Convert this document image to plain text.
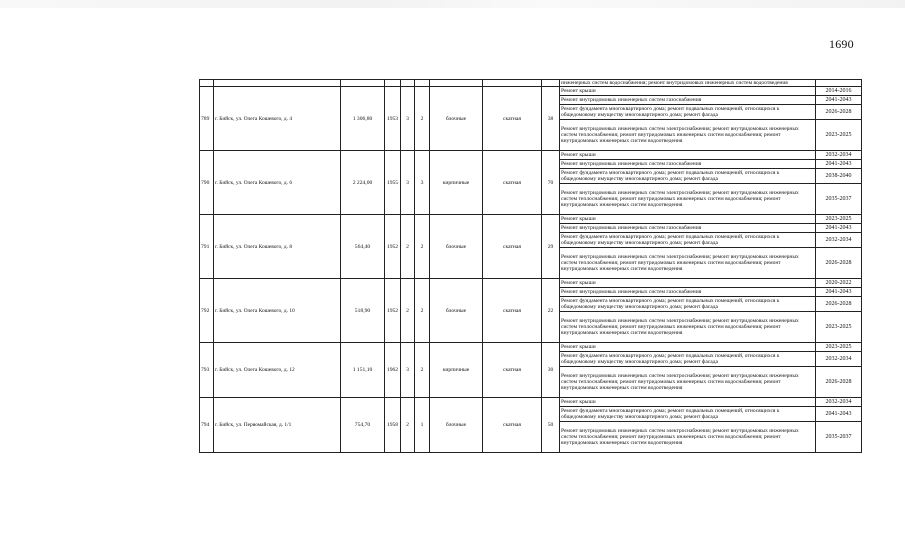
1690
									инженерных систем водоснабжения; ремонт внутридомовых инженерных систем водоотведения	
789	г. Бийск, ул. Олега Кошевого, д. 4	1 306,80	1953	3	2	блочные	скатная	38	Ремонт крыши	2014-2016
									Ремонт внутридомовых инженерных систем газоснабжения	2041-2043
									Ремонт фундамента многоквартирного дома; ремонт подвальных помещений, относящихся к общедомовому имуществу многоквартирного дома; ремонт фасада	2026-2028
									Ремонт внутридомовых инженерных систем электроснабжения; ремонт внутридомовых инженерных систем теплоснабжения; ремонт внутридомовых инженерных систем водоснабжения; ремонт внутридомовых инженерных систем водоотведения	2023-2025
790	г. Бийск, ул. Олега Кошевого, д. 6	2 224,00	1955	3	3	кирпичные	скатная	70	Ремонт крыши	2032-2034
									Ремонт внутридомовых инженерных систем газоснабжения	2041-2043
									Ремонт фундамента многоквартирного дома; ремонт подвальных помещений, относящихся к общедомовому имуществу многоквартирного дома; ремонт фасада	2038-2040
									Ремонт внутридомовых инженерных систем электроснабжения; ремонт внутридомовых инженерных систем теплоснабжения; ремонт внутридомовых инженерных систем водоснабжения; ремонт внутридомовых инженерных систем водоотведения	2035-2037
791	г. Бийск, ул. Олега Кошевого, д. 8	564,40	1952	2	2	блочные	скатная	29	Ремонт крыши	2023-2025
									Ремонт внутридомовых инженерных систем газоснабжения	2041-2043
									Ремонт фундамента многоквартирного дома; ремонт подвальных помещений, относящихся к общедомовому имуществу многоквартирного дома; ремонт фасада	2032-2034
									Ремонт внутридомовых инженерных систем электроснабжения; ремонт внутридомовых инженерных систем теплоснабжения; ремонт внутридомовых инженерных систем водоснабжения; ремонт внутридомовых инженерных систем водоотведения	2026-2028
792	г. Бийск, ул. Олега Кошевого, д. 10	518,90	1952	2	2	блочные	скатная	22	Ремонт крыши	2020-2022
									Ремонт внутридомовых инженерных систем газоснабжения	2041-2043
									Ремонт фундамента многоквартирного дома; ремонт подвальных помещений, относящихся к общедомовому имуществу многоквартирного дома; ремонт фасада	2026-2028
									Ремонт внутридомовых инженерных систем электроснабжения; ремонт внутридомовых инженерных систем теплоснабжения; ремонт внутридомовых инженерных систем водоснабжения; ремонт внутридомовых инженерных систем водоотведения	2023-2025
793	г. Бийск, ул. Олега Кошевого, д. 12	1 151,10	1962	3	2	кирпичные	скатная	30	Ремонт крыши	2023-2025
									Ремонт фундамента многоквартирного дома; ремонт подвальных помещений, относящихся к общедомовому имуществу многоквартирного дома; ремонт фасада	2032-2034
									Ремонт внутридомовых инженерных систем электроснабжения; ремонт внутридомовых инженерных систем теплоснабжения; ремонт внутридомовых инженерных систем водоснабжения; ремонт внутридомовых инженерных систем водоотведения	2026-2028
794	г. Бийск, ул. Первомайская, д. 1/1	754,70	1958	2	1	блочные	скатная	50	Ремонт крыши	2032-2034
									Ремонт фундамента многоквартирного дома; ремонт подвальных помещений, относящихся к общедомовому имуществу многоквартирного дома; ремонт фасада	2041-2043
									Ремонт внутридомовых инженерных систем электроснабжения; ремонт внутридомовых инженерных систем теплоснабжения; ремонт внутридомовых инженерных систем водоснабжения; ремонт внутридомовых инженерных систем водоотведения	2035-2037
